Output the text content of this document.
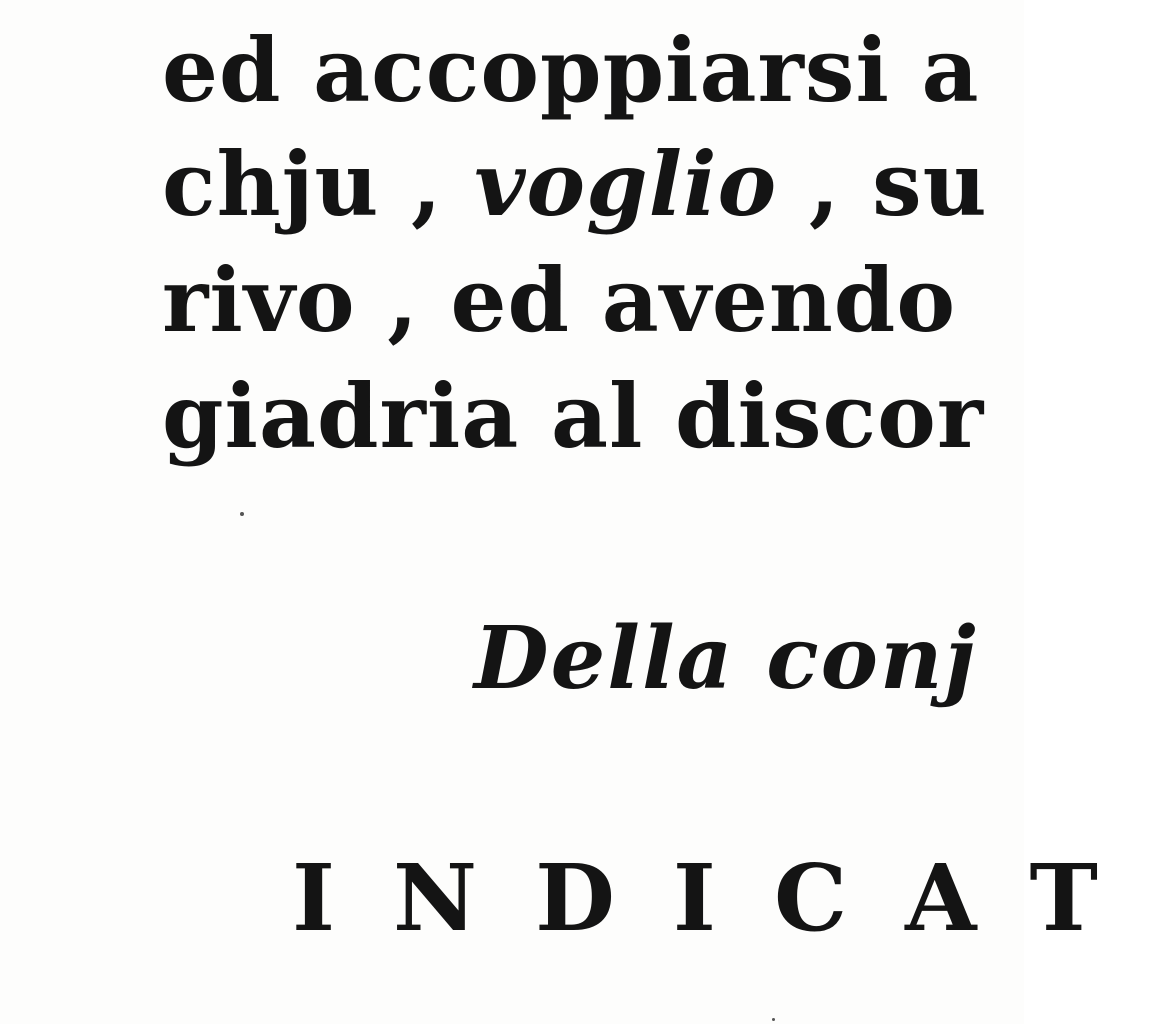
ed accoppiarsi a

chju , voglio , su

rivo , ed avendo

giadria al discor

Della conj

INDICAT
